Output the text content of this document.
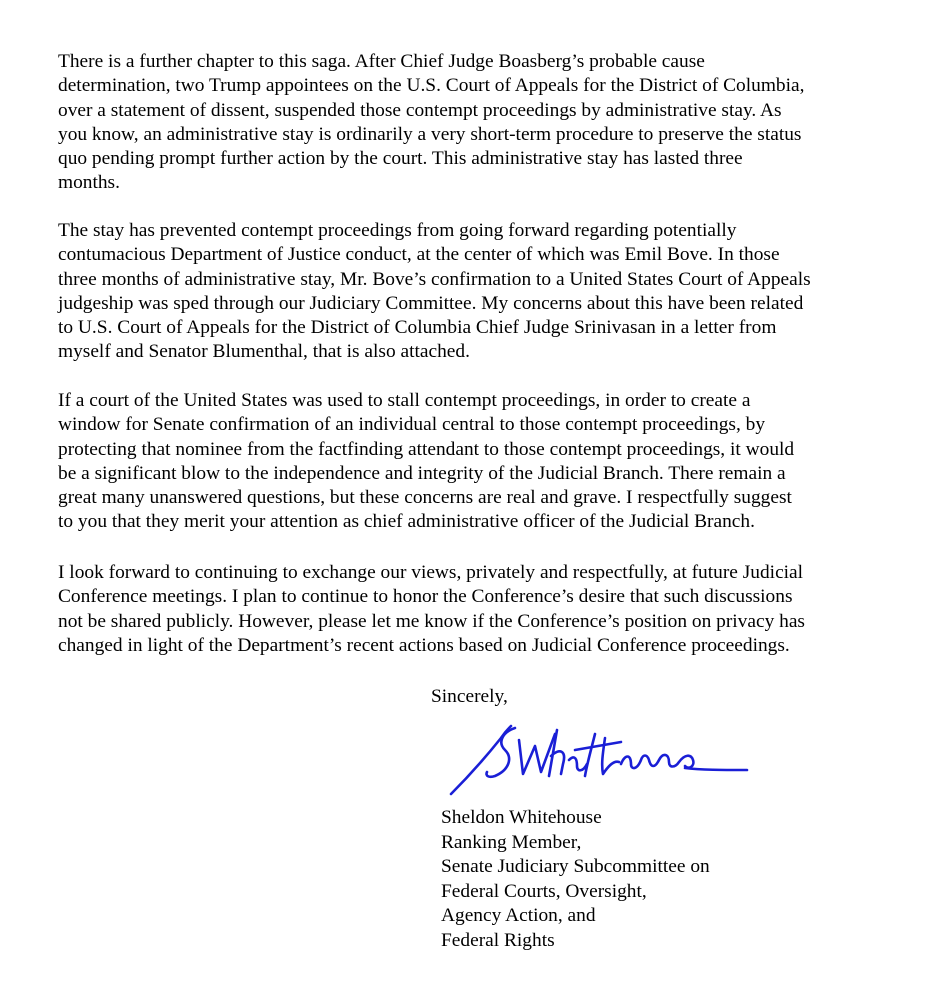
There is a further chapter to this saga. After Chief Judge Boasberg’s probable cause
determination, two Trump appointees on the U.S. Court of Appeals for the District of Columbia,
over a statement of dissent, suspended those contempt proceedings by administrative stay. As
you know, an administrative stay is ordinarily a very short-term procedure to preserve the status
quo pending prompt further action by the court. This administrative stay has lasted three
months.

The stay has prevented contempt proceedings from going forward regarding potentially
contumacious Department of Justice conduct, at the center of which was Emil Bove. In those
three months of administrative stay, Mr. Bove’s confirmation to a United States Court of Appeals
judgeship was sped through our Judiciary Committee. My concerns about this have been related
to U.S. Court of Appeals for the District of Columbia Chief Judge Srinivasan in a letter from
myself and Senator Blumenthal, that is also attached.

If a court of the United States was used to stall contempt proceedings, in order to create a
window for Senate confirmation of an individual central to those contempt proceedings, by
protecting that nominee from the factfinding attendant to those contempt proceedings, it would
be a significant blow to the independence and integrity of the Judicial Branch. There remain a
great many unanswered questions, but these concerns are real and grave. I respectfully suggest
to you that they merit your attention as chief administrative officer of the Judicial Branch.

I look forward to continuing to exchange our views, privately and respectfully, at future Judicial
Conference meetings. I plan to continue to honor the Conference’s desire that such discussions
not be shared publicly. However, please let me know if the Conference’s position on privacy has
changed in light of the Department’s recent actions based on Judicial Conference proceedings.

Sincerely,

Sheldon Whitehouse
Ranking Member,
Senate Judiciary Subcommittee on
Federal Courts, Oversight,
Agency Action, and
Federal Rights
